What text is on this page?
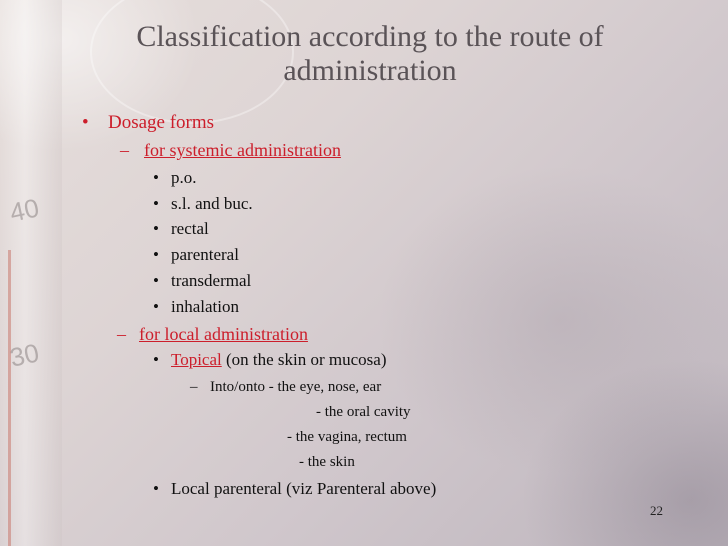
40
30
Classification according to the route of
administration
• Dosage forms
– for systemic administration
• p.o.
• s.l. and buc.
• rectal
• parenteral
• transdermal
• inhalation
– for local administration
• Topical (on the skin or mucosa)
– Into/onto - the eye, nose, ear
- the oral cavity
- the vagina, rectum
- the skin
• Local parenteral (viz Parenteral above)
22
